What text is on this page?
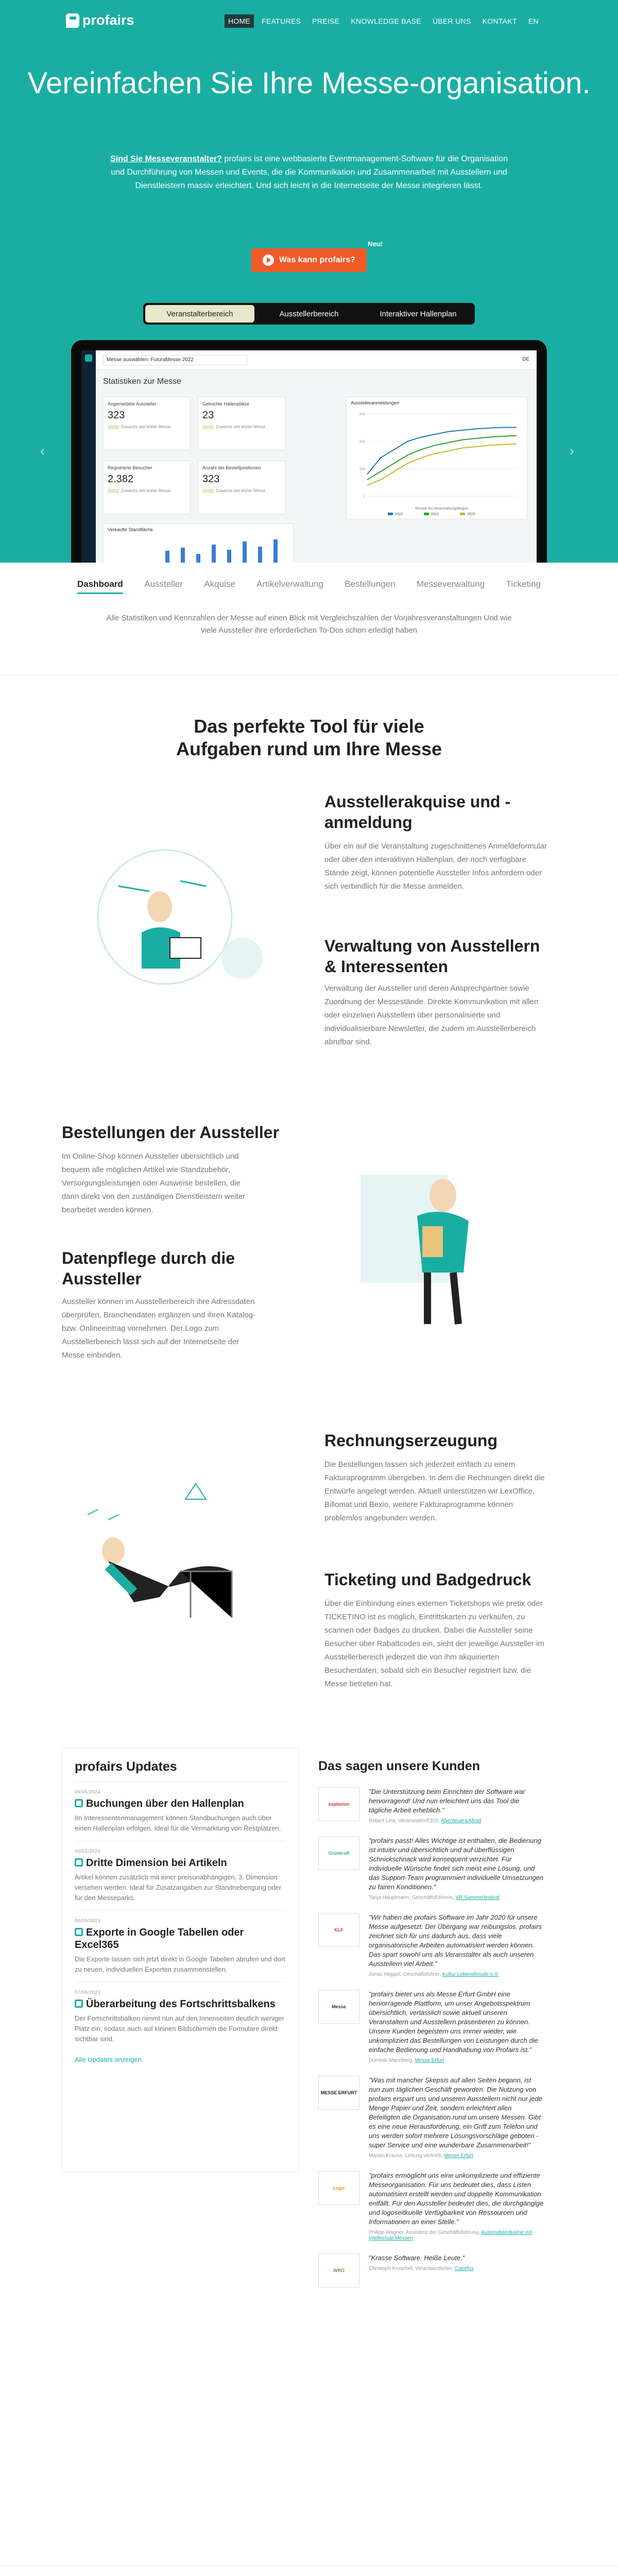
profairs	HOME	FEATURES	PREISE	KNOWLEDGE BASE	ÜBER UNS	KONTAKT	EN
Vereinfachen Sie Ihre Messe-organisation.

Sind Sie Messeveranstalter? profairs ist eine webbasierte Eventmanagement-Software für die Organisation und Durchführung von Messen und Events, die die Kommunikation und Zusammenarbeit mit Ausstellern und Dienstleistern massiv erleichtert. Und sich leicht in die Internetseite der Messe integrieren lässt.

Neu!
Was kann profairs?
Veranstalterbereich	Ausstellerbereich	Interaktiver Hallenplan
‹	›
Messe auswählen: FuturaMesse 2022	DE
Statistiken zur Messe
Angemeldete Aussteller
323
Zuwachs seit letzter Messe
Gebuchte Hallenplätze
23
Zuwachs seit letzter Messe
Registrierte Besucher
2.382
Zuwachs seit letzter Messe
Anzahl der Bestellpositionen
323
Zuwachs seit letzter Messe
Ausstelleranmeldungen
0
100
200
300
Monate bis Veranstaltungsbeginn
2022	2021	2020
Verkaufte Standfläche
Dashboard Aussteller Akquise Artikelverwaltung Bestellungen Messeverwaltung Ticketing

Alle Statistiken und Kennzahlen der Messe auf einen Blick mit Vergleichszahlen der Vorjahresveranstaltungen Und wie viele Aussteller ihre erforderlichen To-Dos schon erledigt haben

Das perfekte Tool für viele Aufgaben rund um Ihre Messe
Ausstellerakquise und -anmeldung

Über ein auf die Veranstaltung zugeschnittenes Anmeldeformular oder über den interaktiven Hallenplan, der noch verfügbare Stände zeigt, können potentielle Aussteller Infos anfordern oder sich verbindlich für die Messe anmelden.

Verwaltung von Ausstellern & Interessenten

Verwaltung der Aussteller und deren Ansprechpartner sowie Zuordnung der Messestände. Direkte Kommunikation mit allen oder einzelnen Ausstellern über personalisierte und individualisierbare Newsletter, die zudem im Ausstellerbereich abrufbar sind.

Bestellungen der Aussteller

Im Online-Shop können Aussteller übersichtlich und bequem alle möglichen Artikel wie Standzubehör, Versorgungsleistungen oder Ausweise bestellen, die dann direkt von den zuständigen Dienstleistern weiter bearbeitet werden können.

Datenpflege durch die Aussteller

Aussteller können im Ausstellerbereich ihre Adressdaten überprüfen, Branchendaten ergänzen und ihren Katalog- bzw. Onlineeintrag vornehmen. Der Logo zum Ausstellerbereich lässt sich auf der Internetseite der Messe einbinden.

Rechnungserzeugung

Die Bestellungen lassen sich jederzeit einfach zu einem Fakturaprogramm übergeben. In dem die Rechnungen direkt die Entwürfe angelegt werden. Aktuell unterstützen wir LexOffice, Billomat und Bexio, weitere Fakturaprogramme können problemlos angebunden werden.

Ticketing und Badgedruck

Über die Einbindung eines externen Ticketshops wie pretix oder TICKETINO ist es möglich, Eintrittskarten zu verkaufen, zu scannen oder Badges zu drucken. Dabei die Aussteller seine Besucher über Rabattcodes ein, sieht der jeweilige Aussteller im Ausstellerbereich jederzeit die von ihm akquirierten Besucherdaten, sobald sich ein Besucher registriert bzw. die Messe betreten hat.

profairs Updates
09/05/2024
Buchungen über den Hallenplan
Im Interessentenmanagement können Standbuchungen auch über einen Hallenplan erfolgen. Ideal für die Vermarktung von Restplätzen.
02/02/2024
Dritte Dimension bei Artikeln
Artikel können zusätzlich mit einer preisunabhängigen, 3. Dimension versehen werden. Ideal für Zusatzangaben zur Standnebengung oder für den Messeparks.
04/09/2023
Exporte in Google Tabellen oder Excel365
Die Exporte lassen sich jetzt direkt in Google Tabellen abrufen und dort zu neuen, individuellen Exporten zusammenstellen.
07/04/2023
Überarbeitung des Fortschrittsbalkens
Der Fortschrittsbalken nimmt nun auf den Innenseiten deutlich weniger Platz ein, sodass auch auf kleinen Bildschirmen die Formulare direkt sichtbar sind.
Alle Updates anzeigen
Das sagen unsere Kunden
explorion
"Die Unterstützung beim Einrichten der Software war hervorragend! Und nun erleichtert uns das Tool die tägliche Arbeit erheblich."
Robert Lina, Veranstalter/CEO, Abenteuer&Allrad
Grünkraft
"profairs passt! Alles Wichtige ist enthalten, die Bedienung ist intuitiv und übersichtlich und auf überflüssigen Schnickschnack wird konsequent verzichtet. Für individuelle Wünsche findet sich meist eine Lösung, und das Support-Team programmiert individuelle Umsetzungen zu fairen Konditionen."
Tanja Hauptmann, Geschäftsführerin, VR Sommerfestival
KLF
"Wir haben die profairs Software im Jahr 2020 für unsere Messe aufgesetzt. Der Übergang war reibungslos. profairs zeichnet sich für uns dadurch aus, dass viele organisatorische Arbeiten automatisiert werden können. Das spart sowohl uns als Veranstalter als auch unseren Ausstellern viel Arbeit."
Jonas Heppel, Geschäftsführer, Kultur Lebensfreude e.V.
Messe
"profairs bietet uns als Messe Erfurt GmbH eine hervorragende Plattform, um unser Angebotsspektrum übersichtlich, verlässlich sowie aktuell unseren Veranstaltern und Ausstellern präsentieren zu können. Unsere Kunden begeistern uns immer wieder, wie unkompliziert das Bestellungen von Leistungen durch die einfache Bedienung und Handhabung von Profairs ist."
Dominik Mannberg, Messe Erfurt
MESSE ERFURT
"Was mit mancher Skepsis auf allen Seiten begann, ist nun zum täglichen Geschäft geworden. Die Nutzung von profairs erspart uns und unseren Ausstellern nicht nur jede Menge Papier und Zeit, sondern erleichtert allen Beteiligten die Organisation rund um unsere Messen. Gibt es eine neue Herausforderung, ein Griff zum Telefon und uns werden sofort mehrere Lösungsvorschläge geboten - super Service und eine wunderbare Zusammenarbeit!"
Marion Krause, Leitung Vertrieb, Messe Erfurt
Logo
"profairs ermöglicht uns eine unkomplizierte und effiziente Messeorganisation. Für uns bedeutet dies, dass Listen automatisiert erstellt werden und doppelte Kommunikation entfällt. Für den Aussteller bedeutet dies, die durchgängige und logoseitkuelle Verfügbarkeit von Ressourcen und Informationen an einer Stelle."
Philipp Wagner, Assistenz der Geschäftsführung, Automobilindustrie mit Intellectual Messen
WRO
"Krasse Software. Heiße Leute."
Christoph Kroschel, Verantwortlicher, Colorfox
